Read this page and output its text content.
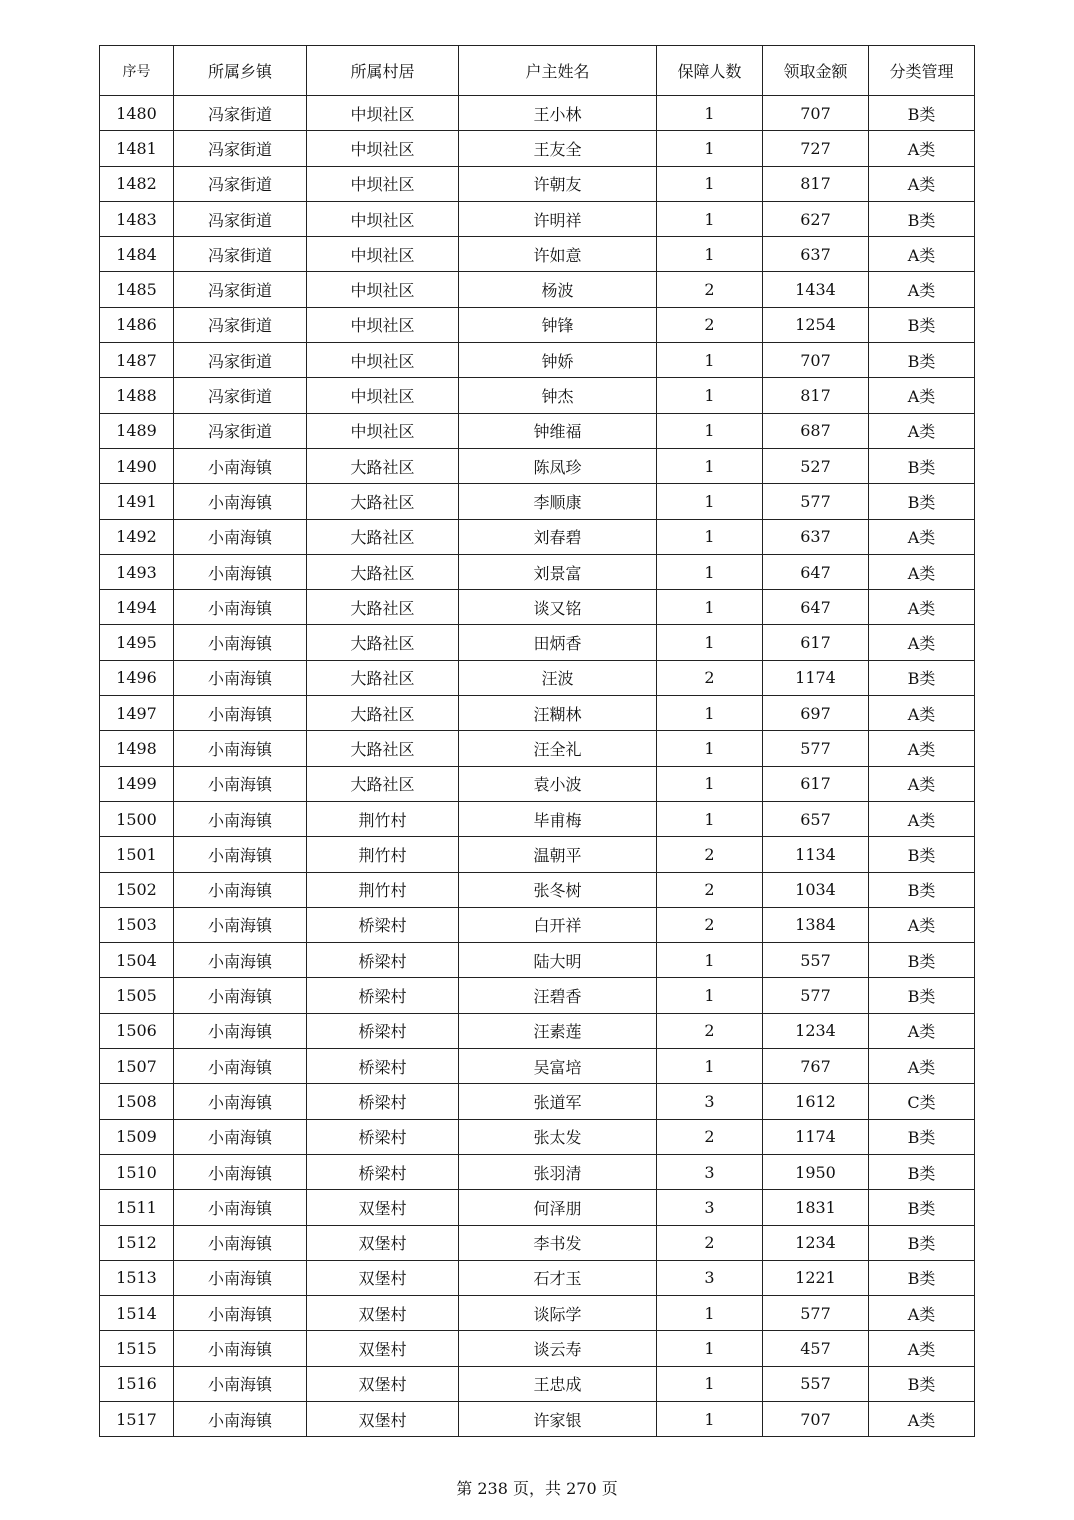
序号	所属乡镇	所属村居	户主姓名	保障人数	领取金额	分类管理
1480	冯家街道	中坝社区	王小林	1	707	B类
1481	冯家街道	中坝社区	王友全	1	727	A类
1482	冯家街道	中坝社区	许朝友	1	817	A类
1483	冯家街道	中坝社区	许明祥	1	627	B类
1484	冯家街道	中坝社区	许如意	1	637	A类
1485	冯家街道	中坝社区	杨波	2	1434	A类
1486	冯家街道	中坝社区	钟锋	2	1254	B类
1487	冯家街道	中坝社区	钟娇	1	707	B类
1488	冯家街道	中坝社区	钟杰	1	817	A类
1489	冯家街道	中坝社区	钟维福	1	687	A类
1490	小南海镇	大路社区	陈凤珍	1	527	B类
1491	小南海镇	大路社区	李顺康	1	577	B类
1492	小南海镇	大路社区	刘春碧	1	637	A类
1493	小南海镇	大路社区	刘景富	1	647	A类
1494	小南海镇	大路社区	谈又铭	1	647	A类
1495	小南海镇	大路社区	田炳香	1	617	A类
1496	小南海镇	大路社区	汪波	2	1174	B类
1497	小南海镇	大路社区	汪糊林	1	697	A类
1498	小南海镇	大路社区	汪全礼	1	577	A类
1499	小南海镇	大路社区	袁小波	1	617	A类
1500	小南海镇	荆竹村	毕甫梅	1	657	A类
1501	小南海镇	荆竹村	温朝平	2	1134	B类
1502	小南海镇	荆竹村	张冬树	2	1034	B类
1503	小南海镇	桥梁村	白开祥	2	1384	A类
1504	小南海镇	桥梁村	陆大明	1	557	B类
1505	小南海镇	桥梁村	汪碧香	1	577	B类
1506	小南海镇	桥梁村	汪素莲	2	1234	A类
1507	小南海镇	桥梁村	吴富培	1	767	A类
1508	小南海镇	桥梁村	张道军	3	1612	C类
1509	小南海镇	桥梁村	张太发	2	1174	B类
1510	小南海镇	桥梁村	张羽清	3	1950	B类
1511	小南海镇	双堡村	何泽朋	3	1831	B类
1512	小南海镇	双堡村	李书发	2	1234	B类
1513	小南海镇	双堡村	石才玉	3	1221	B类
1514	小南海镇	双堡村	谈际学	1	577	A类
1515	小南海镇	双堡村	谈云寿	1	457	A类
1516	小南海镇	双堡村	王忠成	1	557	B类
1517	小南海镇	双堡村	许家银	1	707	A类
第 238 页，共 270 页
